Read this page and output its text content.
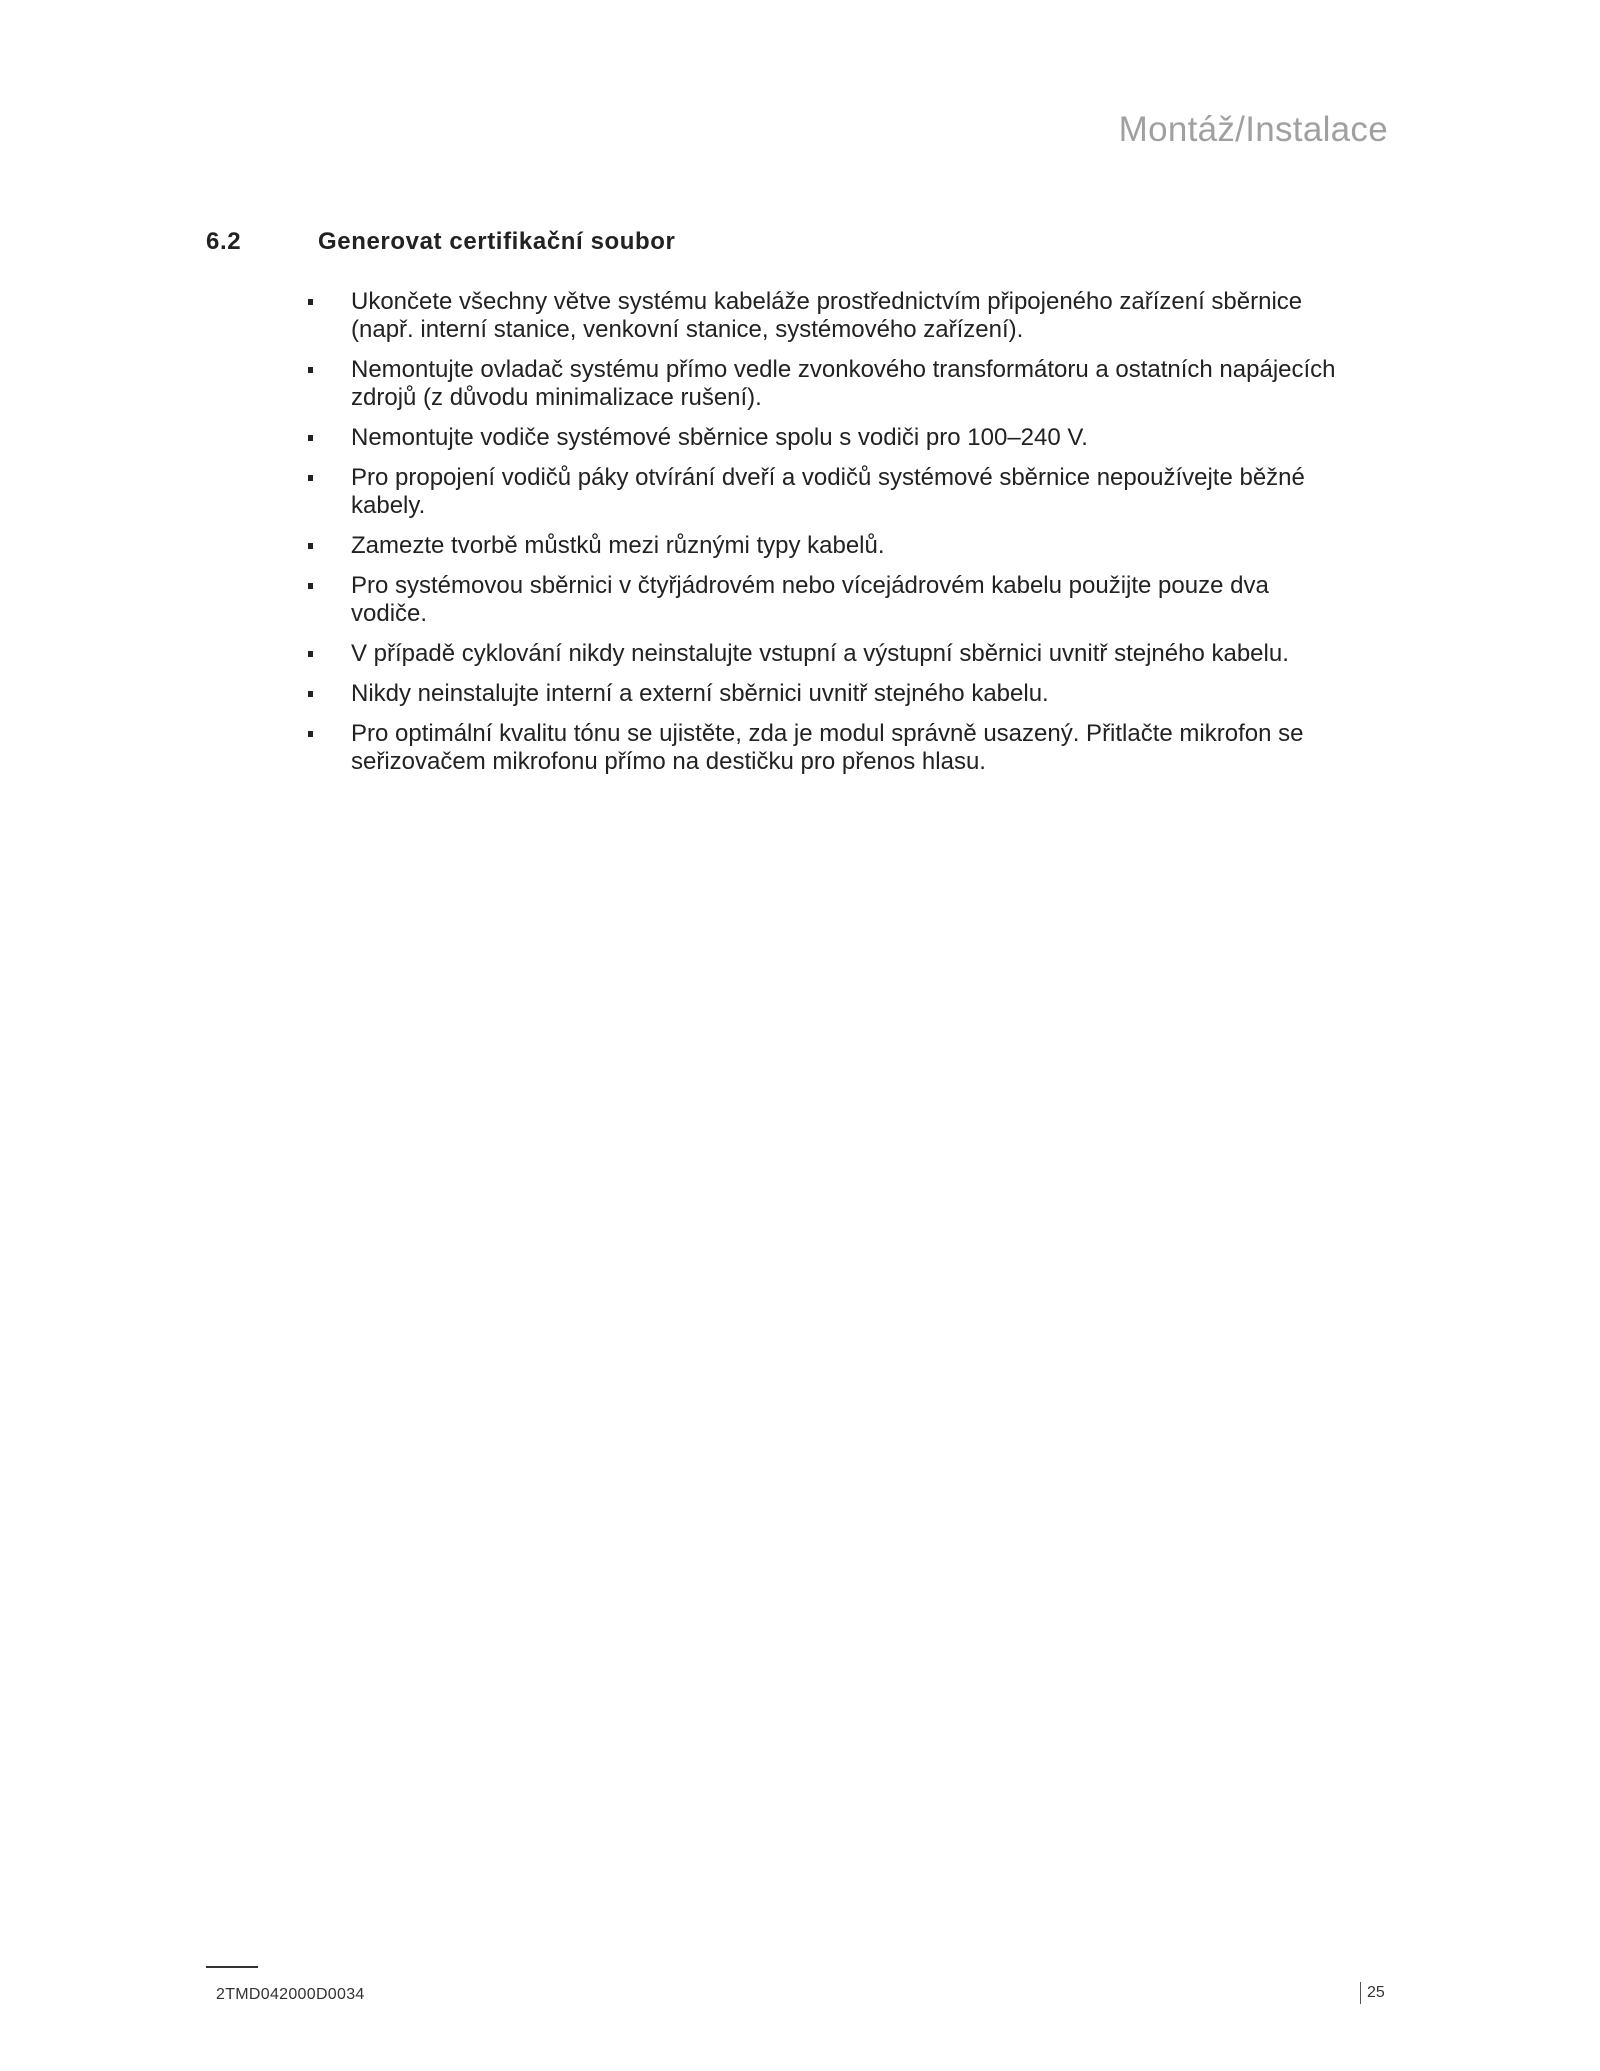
Montáž/Instalace
6.2	Generovat certifikační soubor
Ukončete všechny větve systému kabeláže prostřednictvím připojeného zařízení sběrnice (např. interní stanice, venkovní stanice, systémového zařízení).
Nemontujte ovladač systému přímo vedle zvonkového transformátoru a ostatních napájecích zdrojů (z důvodu minimalizace rušení).
Nemontujte vodiče systémové sběrnice spolu s vodiči pro 100–240 V.
Pro propojení vodičů páky otvírání dveří a vodičů systémové sběrnice nepoužívejte běžné kabely.
Zamezte tvorbě můstků mezi různými typy kabelů.
Pro systémovou sběrnici v čtyřjádrovém nebo vícejádrovém kabelu použijte pouze dva vodiče.
V případě cyklování nikdy neinstalujte vstupní a výstupní sběrnici uvnitř stejného kabelu.
Nikdy neinstalujte interní a externí sběrnici uvnitř stejného kabelu.
Pro optimální kvalitu tónu se ujistěte, zda je modul správně usazený. Přitlačte mikrofon se seřizovačem mikrofonu přímo na destičku pro přenos hlasu.
2TMD042000D0034	25
